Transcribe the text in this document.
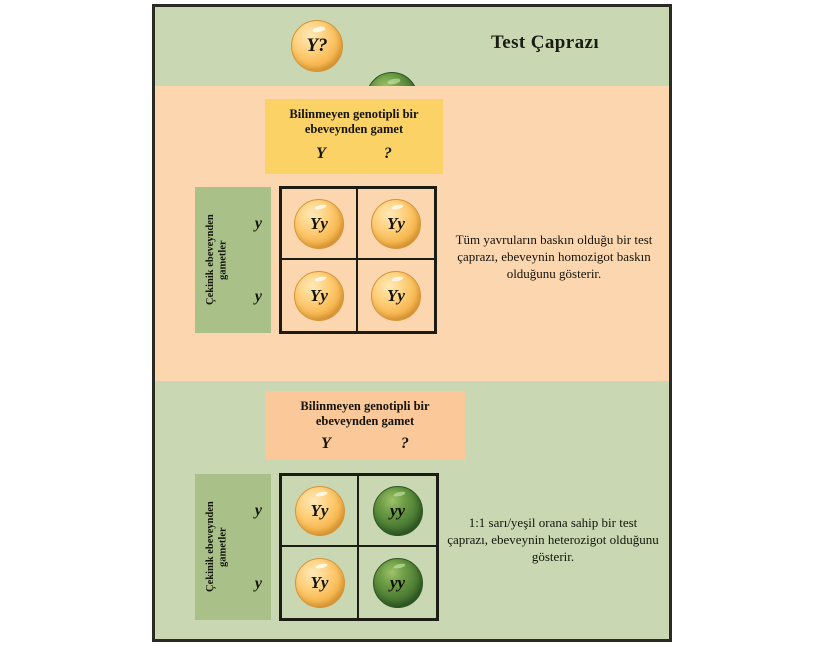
Y?	Test Çaprazı
Bilinmeyen genotipli bir ebeveynden gamet
Y	?
Çekinik ebeveynden gametler
y
y
Yy	Yy
Yy	Yy
Tüm yavruların baskın olduğu bir test çaprazı, ebeveynin homozigot baskın olduğunu gösterir.
Bilinmeyen genotipli bir ebeveynden gamet
Y	?
Çekinik ebeveynden gametler
y
y
Yy	yy
Yy	yy
1:1 sarı/yeşil orana sahip bir test çaprazı, ebeveynin heterozigot olduğunu gösterir.
